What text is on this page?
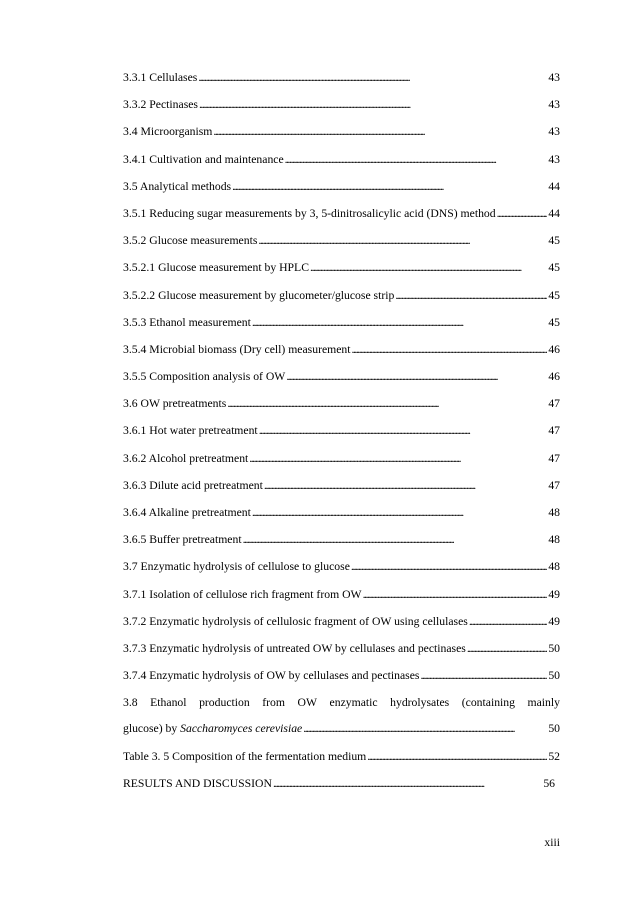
3.3.1 Cellulases . . .	43
3.3.2 Pectinases . . .	43
3.4 Microorganism . . .	43
3.4.1 Cultivation and maintenance . . .	43
3.5 Analytical methods . . .	44
3.5.1 Reducing sugar measurements by 3, 5-dinitrosalicylic acid (DNS) method . . .	44
3.5.2 Glucose measurements . . .	45
3.5.2.1 Glucose measurement by HPLC . . .	45
3.5.2.2 Glucose measurement by glucometer/glucose strip . . .	45
3.5.3 Ethanol measurement . . .	45
3.5.4 Microbial biomass (Dry cell) measurement . . .	46
3.5.5 Composition analysis of OW . . .	46
3.6 OW pretreatments . . .	47
3.6.1 Hot water pretreatment . . .	47
3.6.2 Alcohol pretreatment . . .	47
3.6.3 Dilute acid pretreatment . . .	47
3.6.4 Alkaline pretreatment . . .	48
3.6.5 Buffer pretreatment . . .	48
3.7 Enzymatic hydrolysis of cellulose to glucose . . .	48
3.7.1 Isolation of cellulose rich fragment from OW . . .	49
3.7.2 Enzymatic hydrolysis of cellulosic fragment of OW using cellulases . . .	49
3.7.3 Enzymatic hydrolysis of untreated OW by cellulases and pectinases . . .	50
3.7.4 Enzymatic hydrolysis of OW by cellulases and pectinases . . .	50
3.8 Ethanol production from OW enzymatic hydrolysates (containing mainly
glucose) by Saccharomyces cerevisiae . . .	50
Table 3. 5 Composition of the fermentation medium . . .	52
RESULTS AND DISCUSSION . . .	56
xiii
